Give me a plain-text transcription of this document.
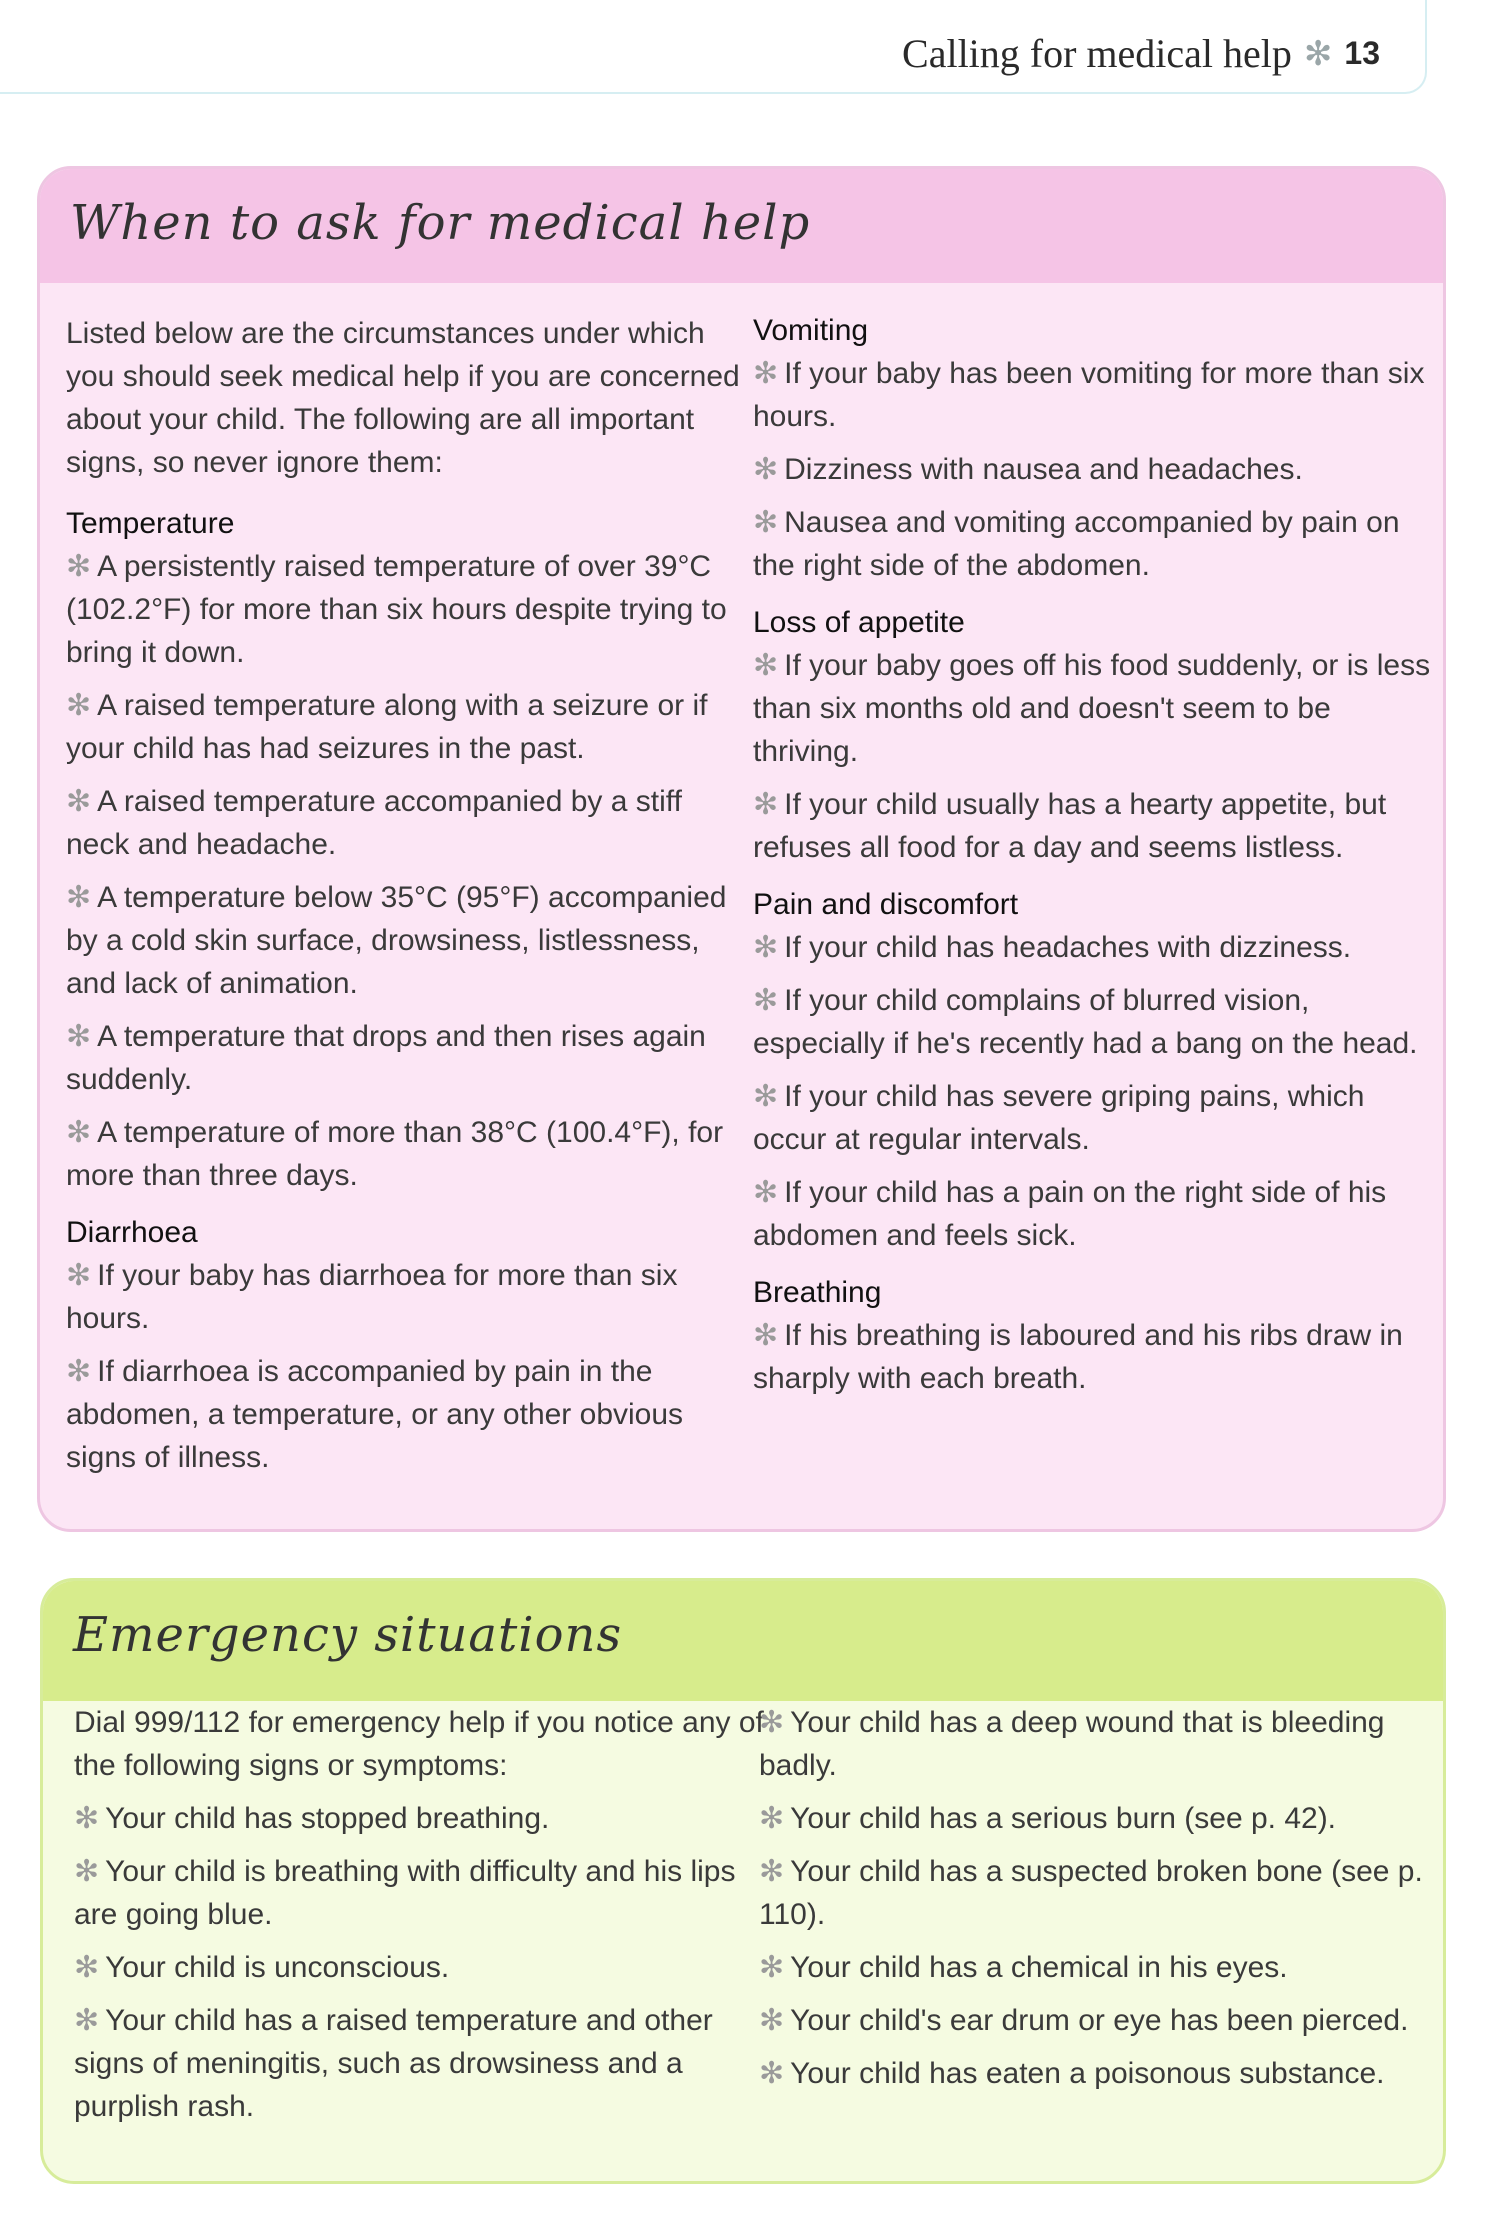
Calling for medical help ✻ 13
When to ask for medical help

Listed below are the circumstances under which you should seek medical help if you are concerned about your child. The following are all important signs, so never ignore them:

Temperature

✻ A persistently raised temperature of over 39°C (102.2°F) for more than six hours despite trying to bring it down.

✻ A raised temperature along with a seizure or if your child has had seizures in the past.

✻ A raised temperature accompanied by a stiff neck and headache.

✻ A temperature below 35°C (95°F) accompanied by a cold skin surface, drowsiness, listlessness, and lack of animation.

✻ A temperature that drops and then rises again suddenly.

✻ A temperature of more than 38°C (100.4°F), for more than three days.

Diarrhoea

✻ If your baby has diarrhoea for more than six hours.

✻ If diarrhoea is accompanied by pain in the abdomen, a temperature, or any other obvious signs of illness.

Vomiting

✻ If your baby has been vomiting for more than six hours.

✻ Dizziness with nausea and headaches.

✻ Nausea and vomiting accompanied by pain on the right side of the abdomen.

Loss of appetite

✻ If your baby goes off his food suddenly, or is less than six months old and doesn't seem to be thriving.

✻ If your child usually has a hearty appetite, but refuses all food for a day and seems listless.

Pain and discomfort

✻ If your child has headaches with dizziness.

✻ If your child complains of blurred vision, especially if he's recently had a bang on the head.

✻ If your child has severe griping pains, which occur at regular intervals.

✻ If your child has a pain on the right side of his abdomen and feels sick.

Breathing

✻ If his breathing is laboured and his ribs draw in sharply with each breath.

Emergency situations

Dial 999/112 for emergency help if you notice any of the following signs or symptoms:

✻ Your child has stopped breathing.

✻ Your child is breathing with difficulty and his lips are going blue.

✻ Your child is unconscious.

✻ Your child has a raised temperature and other signs of meningitis, such as drowsiness and a purplish rash.

✻ Your child has a deep wound that is bleeding badly.

✻ Your child has a serious burn (see p. 42).

✻ Your child has a suspected broken bone (see p. 110).

✻ Your child has a chemical in his eyes.

✻ Your child's ear drum or eye has been pierced.

✻ Your child has eaten a poisonous substance.
